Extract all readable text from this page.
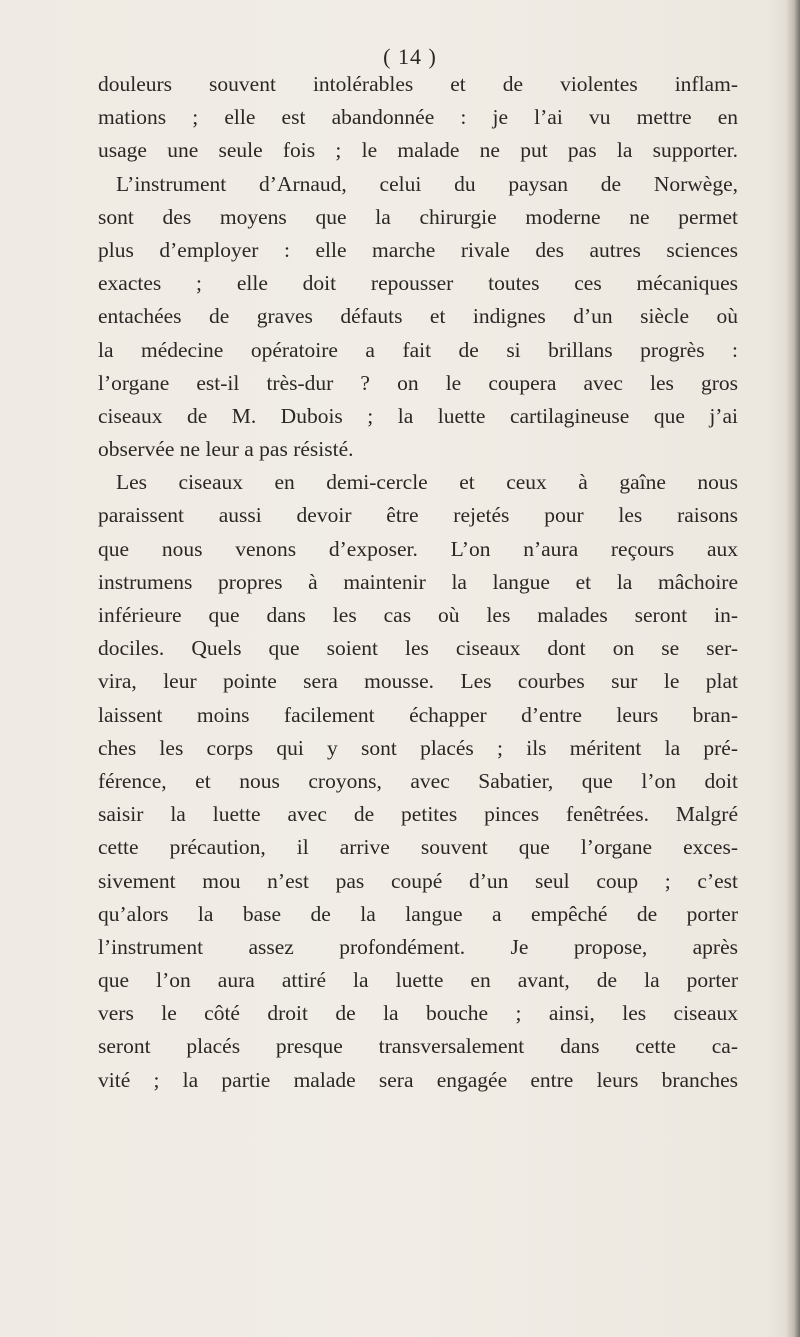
( 14 )
douleurs souvent intolérables et de violentes inflam-
mations ; elle est abandonnée : je l’ai vu mettre en
usage une seule fois ; le malade ne put pas la supporter.
L’instrument d’Arnaud, celui du paysan de Norwège,
sont des moyens que la chirurgie moderne ne permet
plus d’employer : elle marche rivale des autres sciences
exactes ; elle doit repousser toutes ces mécaniques
entachées de graves défauts et indignes d’un siècle où
la médecine opératoire a fait de si brillans progrès :
l’organe est-il très-dur ? on le coupera avec les gros
ciseaux de M. Dubois ; la luette cartilagineuse que j’ai
observée ne leur a pas résisté.
Les ciseaux en demi-cercle et ceux à gaîne nous
paraissent aussi devoir être rejetés pour les raisons
que nous venons d’exposer. L’on n’aura reçours aux
instrumens propres à maintenir la langue et la mâchoire
inférieure que dans les cas où les malades seront in-
dociles. Quels que soient les ciseaux dont on se ser-
vira, leur pointe sera mousse. Les courbes sur le plat
laissent moins facilement échapper d’entre leurs bran-
ches les corps qui y sont placés ; ils méritent la pré-
férence, et nous croyons, avec Sabatier, que l’on doit
saisir la luette avec de petites pinces fenêtrées. Malgré
cette précaution, il arrive souvent que l’organe exces-
sivement mou n’est pas coupé d’un seul coup ; c’est
qu’alors la base de la langue a empêché de porter
l’instrument assez profondément. Je propose, après
que l’on aura attiré la luette en avant, de la porter
vers le côté droit de la bouche ; ainsi, les ciseaux
seront placés presque transversalement dans cette ca-
vité ; la partie malade sera engagée entre leurs branches
